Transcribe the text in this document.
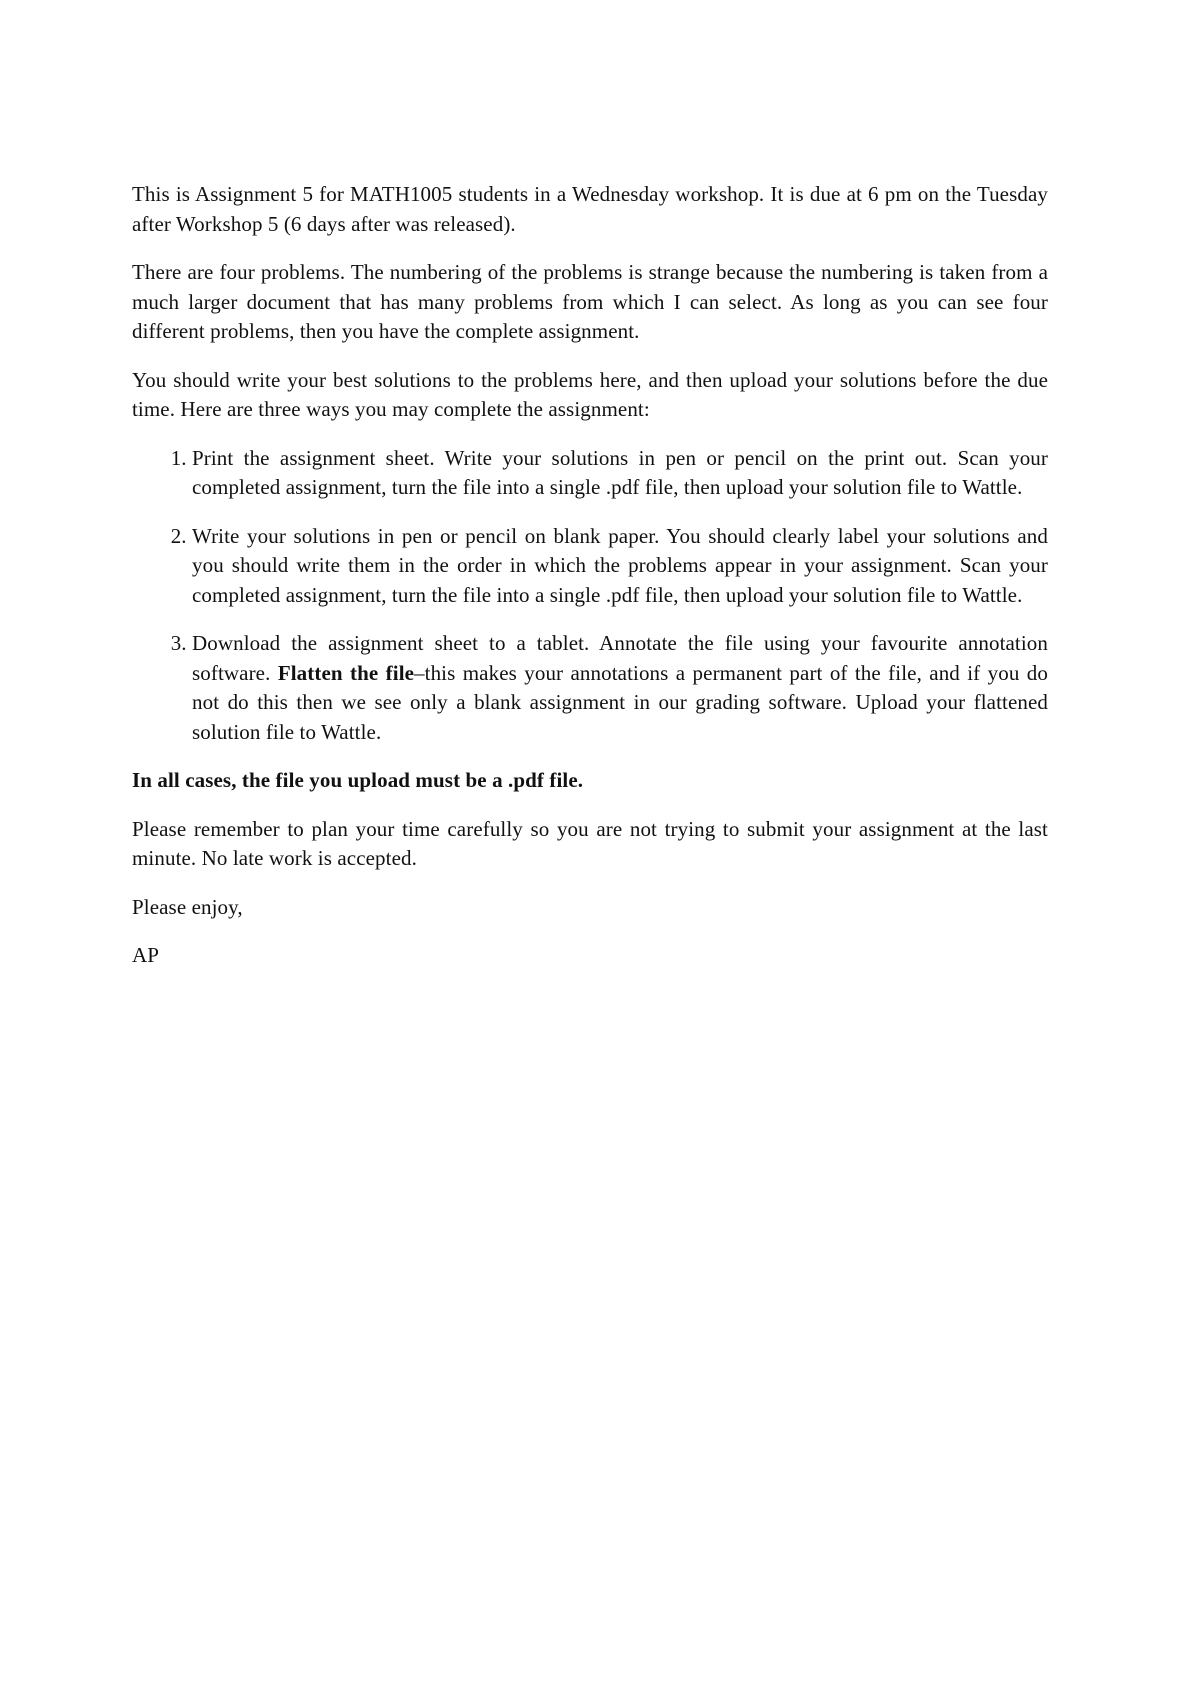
This is Assignment 5 for MATH1005 students in a Wednesday workshop. It is due at 6 pm on the Tuesday after Workshop 5 (6 days after was released).

There are four problems. The numbering of the problems is strange because the numbering is taken from a much larger document that has many problems from which I can select. As long as you can see four different problems, then you have the complete assignment.

You should write your best solutions to the problems here, and then upload your solutions before the due time. Here are three ways you may complete the assignment:

1. Print the assignment sheet. Write your solutions in pen or pencil on the print out. Scan your completed assignment, turn the file into a single .pdf file, then upload your solution file to Wattle.
2. Write your solutions in pen or pencil on blank paper. You should clearly label your solutions and you should write them in the order in which the problems appear in your assignment. Scan your completed assignment, turn the file into a single .pdf file, then upload your solution file to Wattle.
3. Download the assignment sheet to a tablet. Annotate the file using your favourite annotation software. Flatten the file–this makes your annotations a permanent part of the file, and if you do not do this then we see only a blank assignment in our grading software. Upload your flattened solution file to Wattle.

In all cases, the file you upload must be a .pdf file.

Please remember to plan your time carefully so you are not trying to submit your assignment at the last minute. No late work is accepted.

Please enjoy,

AP
